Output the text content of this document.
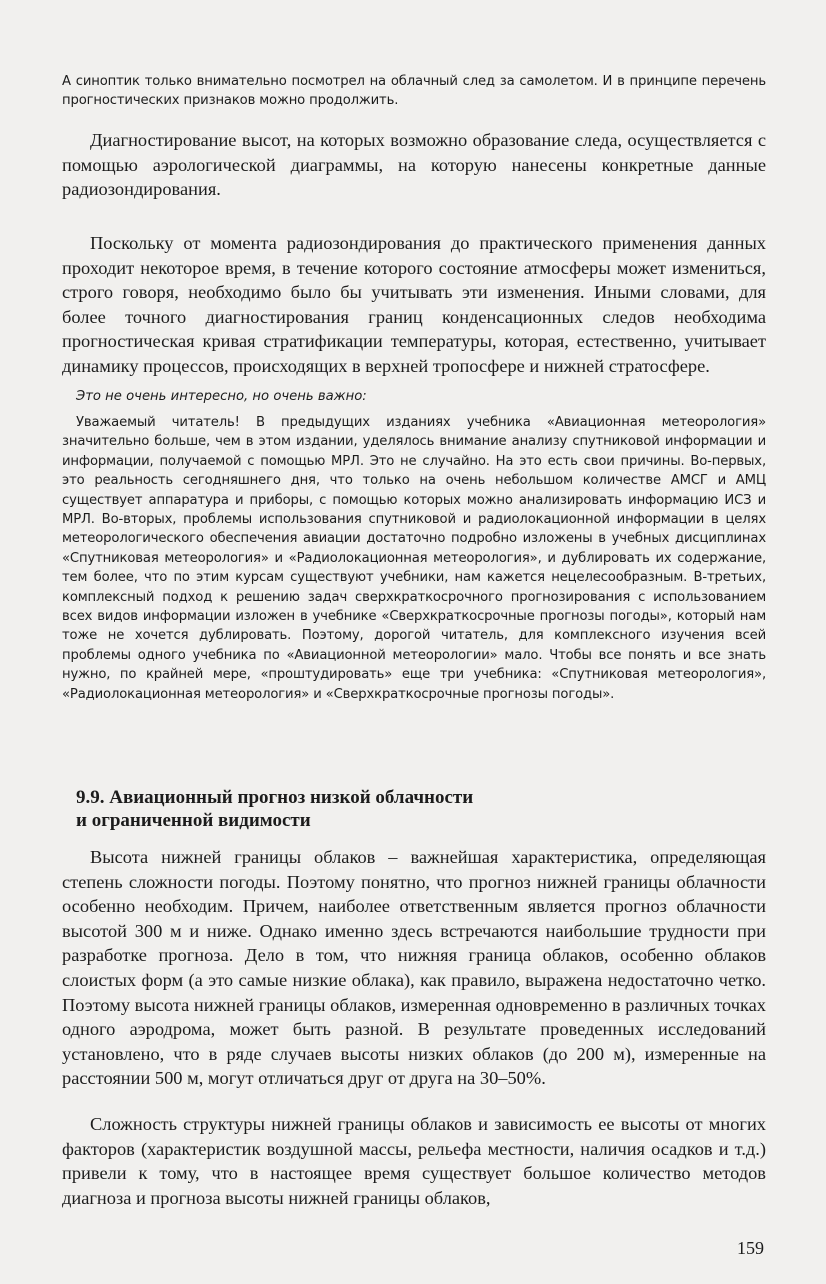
А синоптик только внимательно посмотрел на облачный след за самолетом. И в принципе перечень прогностических признаков можно продолжить.

Диагностирование высот, на которых возможно образование следа, осуществляется с помощью аэрологической диаграммы, на которую нанесены конкретные данные радиозондирования.

Поскольку от момента радиозондирования до практического применения данных проходит некоторое время, в течение которого состояние атмосферы может измениться, строго говоря, необходимо было бы учитывать эти изменения. Иными словами, для более точного диагностирования границ конденсационных следов необходима прогностическая кривая стратификации температуры, которая, естественно, учитывает динамику процессов, происходящих в верхней тропосфере и нижней стратосфере.

Это не очень интересно, но очень важно:

Уважаемый читатель! В предыдущих изданиях учебника «Авиационная метеорология» значительно больше, чем в этом издании, уделялось внимание анализу спутниковой информации и информации, получаемой с помощью МРЛ. Это не случайно. На это есть свои причины. Во-первых, это реальность сегодняшнего дня, что только на очень небольшом количестве АМСГ и АМЦ существует аппаратура и приборы, с помощью которых можно анализировать информацию ИСЗ и МРЛ. Во-вторых, проблемы использования спутниковой и радиолокационной информации в целях метеорологического обеспечения авиации достаточно подробно изложены в учебных дисциплинах «Спутниковая метеорология» и «Радиолокационная метеорология», и дублировать их содержание, тем более, что по этим курсам существуют учебники, нам кажется нецелесообразным. В-третьих, комплексный подход к решению задач сверхкраткосрочного прогнозирования с использованием всех видов информации изложен в учебнике «Сверхкраткосрочные прогнозы погоды», который нам тоже не хочется дублировать. Поэтому, дорогой читатель, для комплексного изучения всей проблемы одного учебника по «Авиационной метеорологии» мало. Чтобы все понять и все знать нужно, по крайней мере, «проштудировать» еще три учебника: «Спутниковая метеорология», «Радиолокационная метеорология» и «Сверхкраткосрочные прогнозы погоды».

9.9. Авиационный прогноз низкой облачности
и ограниченной видимости

Высота нижней границы облаков – важнейшая характеристика, определяющая степень сложности погоды. Поэтому понятно, что прогноз нижней границы облачности особенно необходим. Причем, наиболее ответственным является прогноз облачности высотой 300 м и ниже. Однако именно здесь встречаются наибольшие трудности при разработке прогноза. Дело в том, что нижняя граница облаков, особенно облаков слоистых форм (а это самые низкие облака), как правило, выражена недостаточно четко. Поэтому высота нижней границы облаков, измеренная одновременно в различных точках одного аэродрома, может быть разной. В результате проведенных исследований установлено, что в ряде случаев высоты низких облаков (до 200 м), измеренные на расстоянии 500 м, могут отличаться друг от друга на 30–50%.

Сложность структуры нижней границы облаков и зависимость ее высоты от многих факторов (характеристик воздушной массы, рельефа местности, наличия осадков и т.д.) привели к тому, что в настоящее время существует большое количество методов диагноза и прогноза высоты нижней границы облаков,

159
